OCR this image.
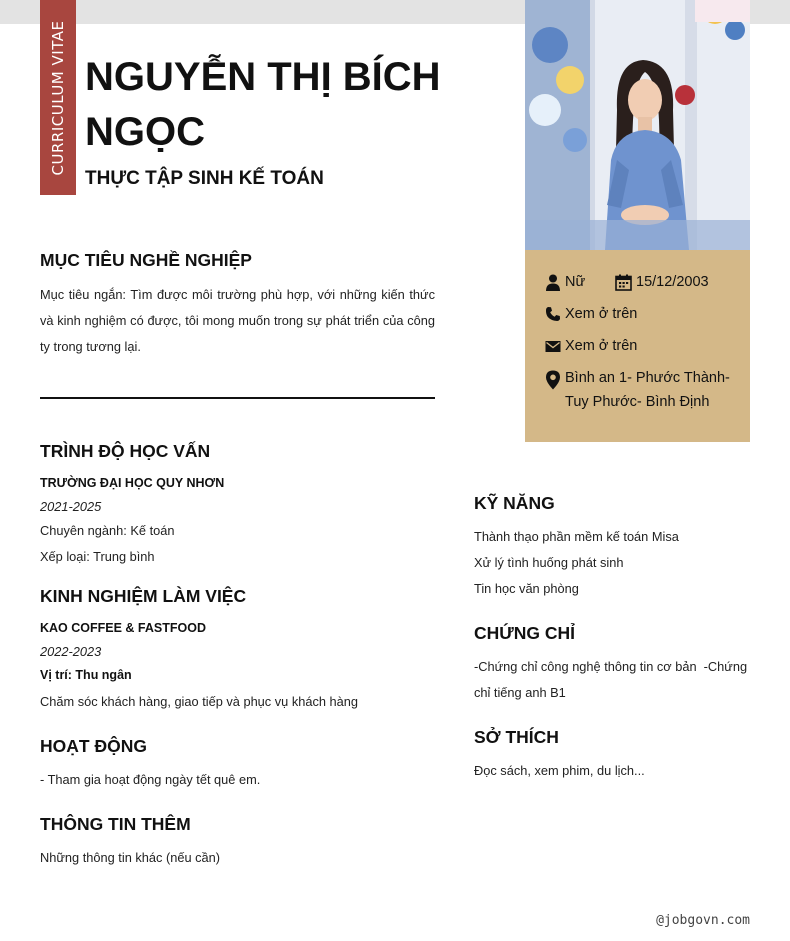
CURRICULUM VITAE NGUYỄN THỊ BÍCH NGỌC
THỰC TẬP SINH KẾ TOÁN
Nữ	15/12/2003
Xem ở trên
Xem ở trên
Bình an 1- Phước Thành- Tuy Phước- Bình Định
MỤC TIÊU NGHỀ NGHIỆP
Mục tiêu ngắn: Tìm được môi trường phù hợp, với những kiến thức và kinh nghiệm có được, tôi mong muốn trong sự phát triển của công ty trong tương lại.
TRÌNH ĐỘ HỌC VẤN
TRƯỜNG ĐẠI HỌC QUY NHƠN
2021-2025
Chuyên ngành: Kế toán
Xếp loại: Trung bình
KINH NGHIỆM LÀM VIỆC
KAO COFFEE & FASTFOOD
2022-2023
Vị trí: Thu ngân
Chăm sóc khách hàng, giao tiếp và phục vụ khách hàng
HOẠT ĐỘNG
- Tham gia hoạt động ngày tết quê em.
THÔNG TIN THÊM
Những thông tin khác (nếu cần)
KỸ NĂNG
Thành thạo phần mềm kế toán Misa
Xử lý tình huống phát sinh
Tin học văn phòng
CHỨNG CHỈ
-Chứng chỉ công nghệ thông tin cơ bản  -Chứng
chỉ tiếng anh B1
SỞ THÍCH
Đọc sách, xem phim, du lịch...
@jobgovn.com
